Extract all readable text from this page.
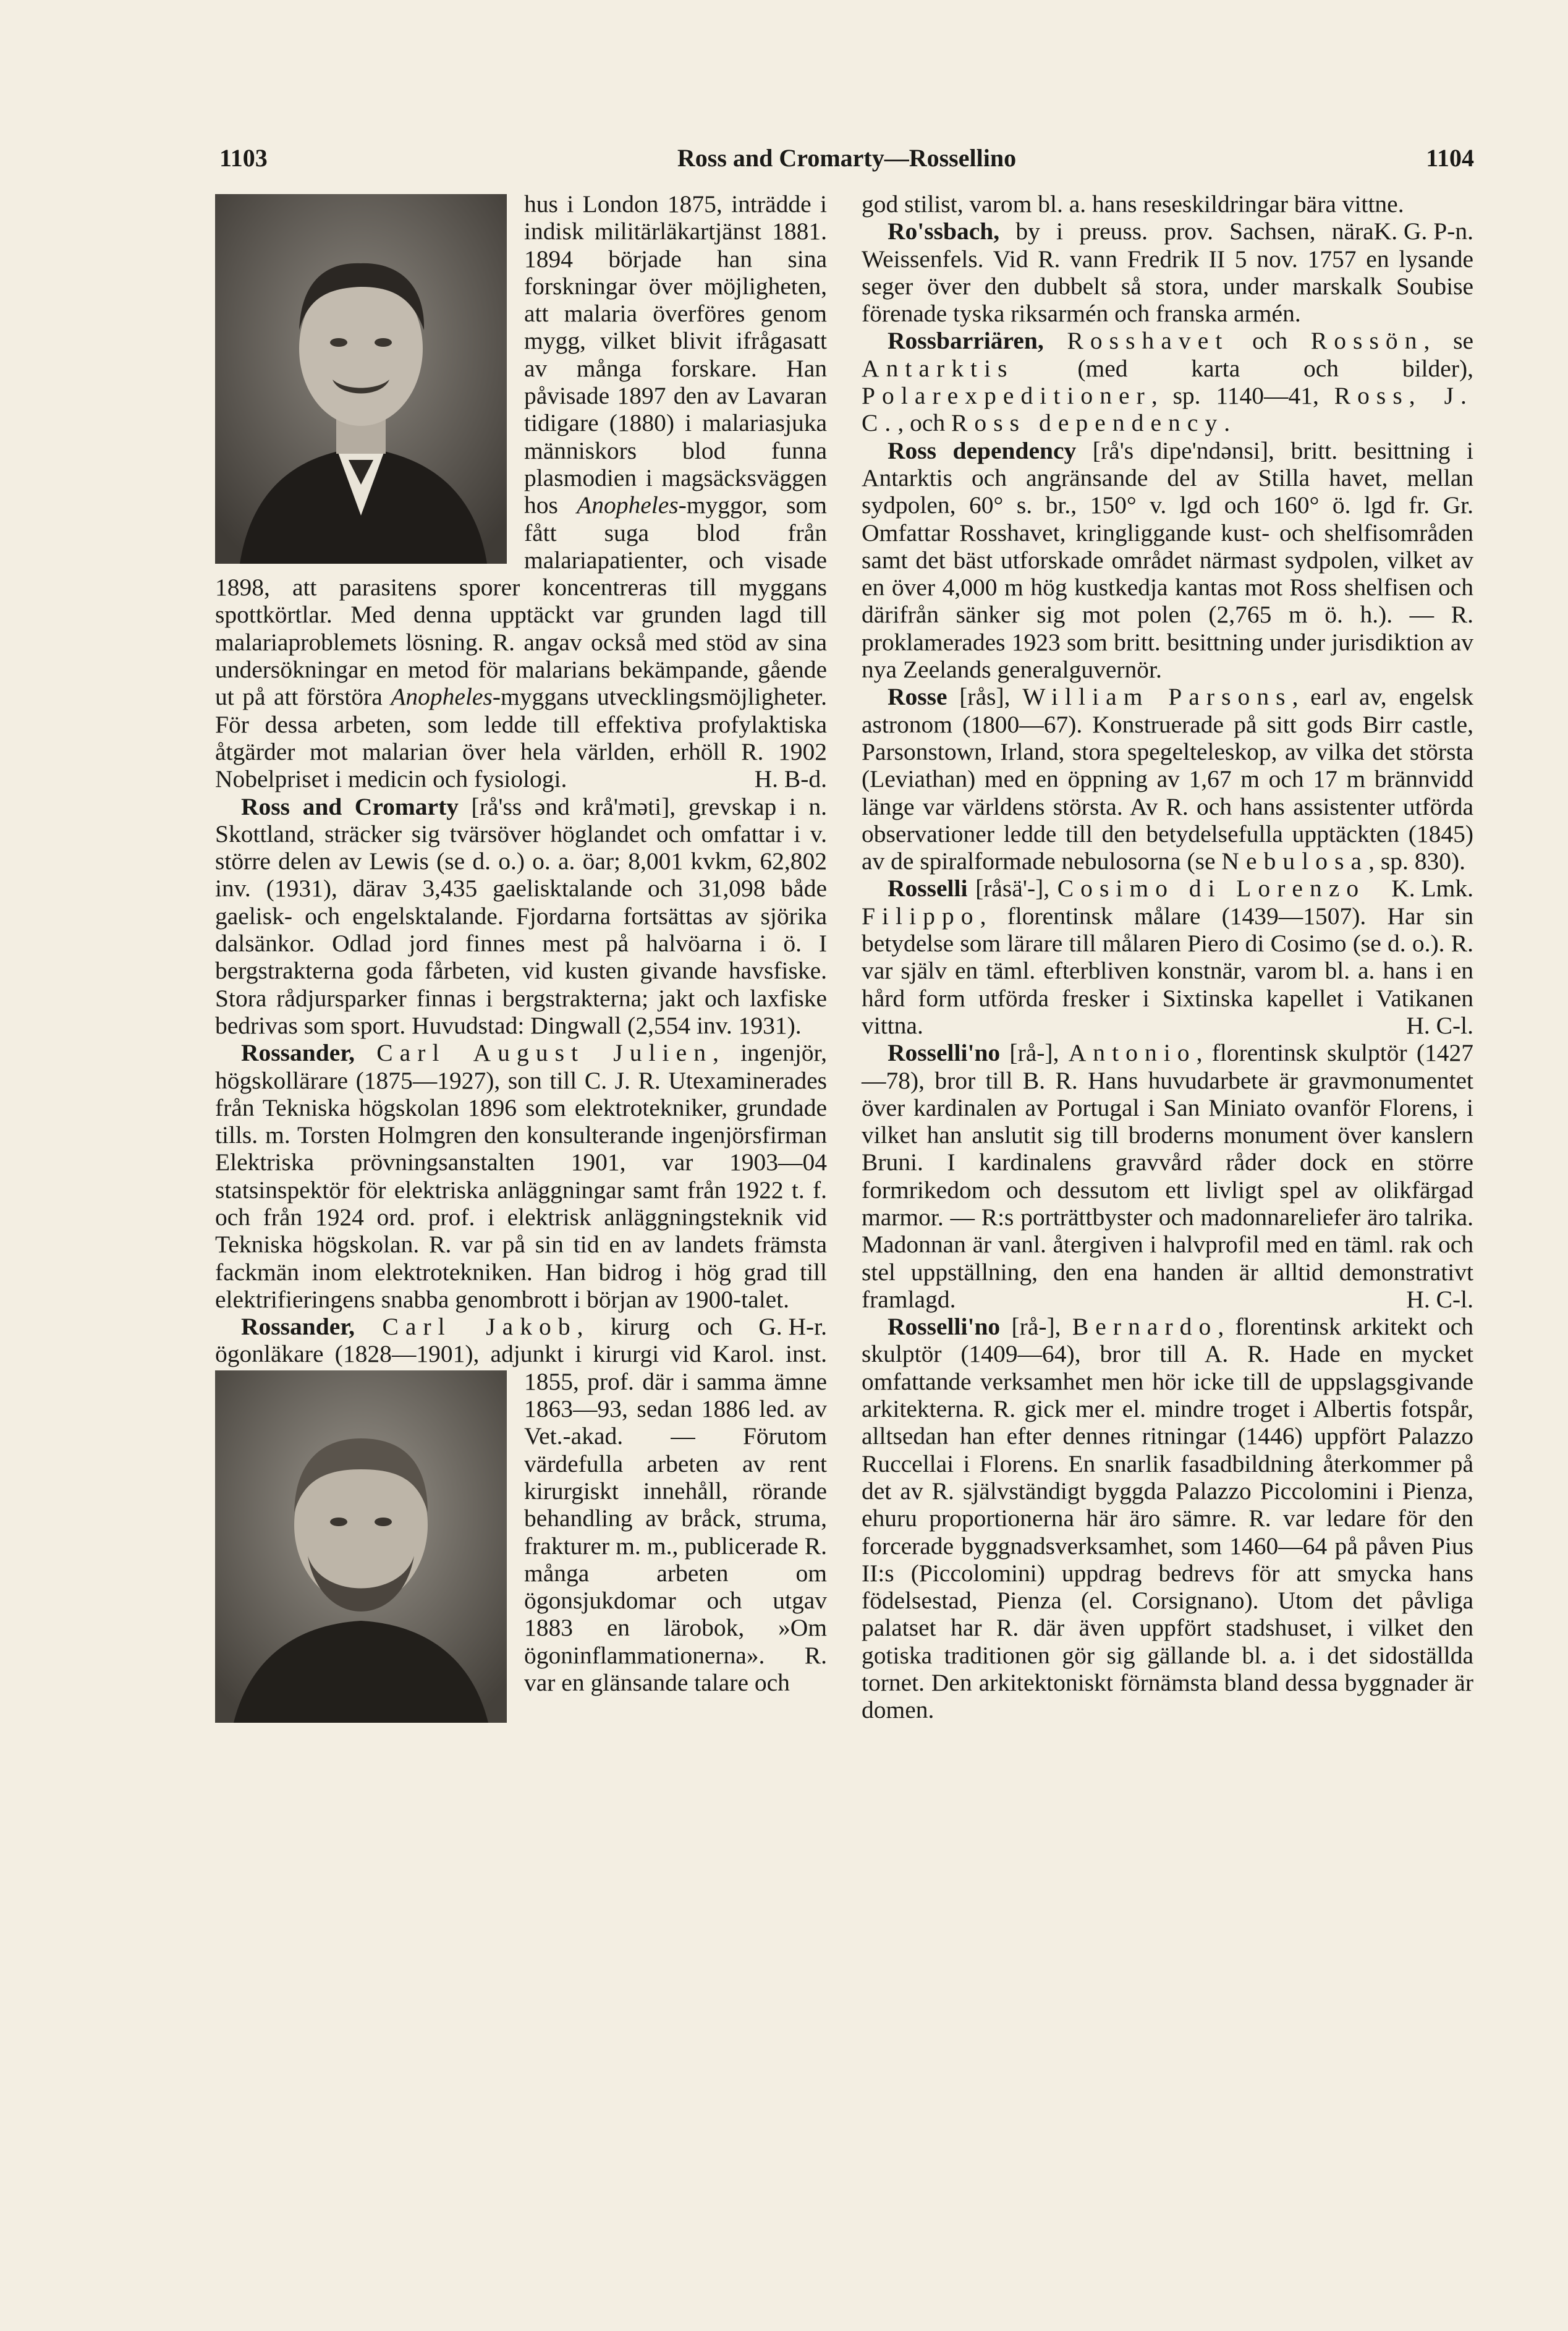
1103	Ross and Cromarty—Rossellino	1104

hus i London 1875, inträdde i indisk militärläkartjänst 1881. 1894 började han sina forskningar över möjligheten, att malaria överföres genom mygg, vilket blivit ifrågasatt av många forskare. Han påvisade 1897 den av Lavaran tidigare (1880) i malariasjuka människors blod funna plasmodien i magsäcksväggen hos Anopheles-myggor, som fått suga blod från malariapatienter, och visade 1898, att parasitens sporer koncentreras till myggans spottkörtlar. Med denna upptäckt var grunden lagd till malariaproblemets lösning. R. angav också med stöd av sina undersökningar en metod för malarians bekämpande, gående ut på att förstöra Anopheles-myggans utvecklingsmöjligheter. För dessa arbeten, som ledde till effektiva profylaktiska åtgärder mot malarian över hela världen, erhöll R. 1902 Nobelpriset i medicin och fysiologi.	H. B-d.

Ross and Cromarty [rå'ss ənd krå'məti], grevskap i n. Skottland, sträcker sig tvärsöver höglandet och omfattar i v. större delen av Lewis (se d. o.) o. a. öar; 8,001 kvkm, 62,802 inv. (1931), därav 3,435 gaelisktalande och 31,098 både gaelisk- och engelsktalande. Fjordarna fortsättas av sjörika dalsänkor. Odlad jord finnes mest på halvöarna i ö. I bergstrakterna goda fårbeten, vid kusten givande havsfiske. Stora rådjursparker finnas i bergstrakterna; jakt och laxfiske bedrivas som sport. Huvudstad: Dingwall (2,554 inv. 1931).

Rossander, Carl August Julien, ingenjör, högskollärare (1875—1927), son till C. J. R. Utexaminerades från Tekniska högskolan 1896 som elektrotekniker, grundade tills. m. Torsten Holmgren den konsulterande ingenjörsfirman Elektriska prövningsanstalten 1901, var 1903—04 statsinspektör för elektriska anläggningar samt från 1922 t. f. och från 1924 ord. prof. i elektrisk anläggningsteknik vid Tekniska högskolan. R. var på sin tid en av landets främsta fackmän inom elektrotekniken. Han bidrog i hög grad till elektrifieringens snabba genombrott i början av 1900-talet.
G. H-r.

Rossander, Carl Jakob, kirurg och ögonläkare (1828—1901), adjunkt i kirurgi vid Karol. inst. 1855, prof. där i samma ämne
1863—93, sedan 1886 led. av Vet.-akad. — Förutom värdefulla arbeten av rent kirurgiskt innehåll, rörande behandling av bråck, struma, frakturer m. m., publicerade R. många arbeten om ögonsjukdomar och utgav 1883 en lärobok, »Om ögoninflammationerna». R. var en glänsande talare och

god stilist, varom bl. a. hans reseskildringar bära vittne.
K. G. P-n.

Ro'ssbach, by i preuss. prov. Sachsen, nära Weissenfels. Vid R. vann Fredrik II 5 nov. 1757 en lysande seger över den dubbelt så stora, under marskalk Soubise förenade tyska riksarmén och franska armén.

Rossbarriären, Rosshavet och Rossön, se Antarktis (med karta och bilder), Polarexpeditioner, sp. 1140—41, Ross, J. C., och Ross dependency.

Ross dependency [rå's dipe'ndənsi], britt. besittning i Antarktis och angränsande del av Stilla havet, mellan sydpolen, 60° s. br., 150° v. lgd och 160° ö. lgd fr. Gr. Omfattar Rosshavet, kringliggande kust- och shelfisområden samt det bäst utforskade området närmast sydpolen, vilket av en över 4,000 m hög kustkedja kantas mot Ross shelfisen och därifrån sänker sig mot polen (2,765 m ö. h.). — R. proklamerades 1923 som britt. besittning under jurisdiktion av nya Zeelands generalguvernör.

Rosse [rås], William Parsons, earl av, engelsk astronom (1800—67). Konstruerade på sitt gods Birr castle, Parsonstown, Irland, stora spegelteleskop, av vilka det största (Leviathan) med en öppning av 1,67 m och 17 m brännvidd länge var världens största. Av R. och hans assistenter utförda observationer ledde till den betydelsefulla upptäckten (1845) av de spiralformade nebulosorna (se Nebulosa, sp. 830).
K. Lmk.

Rosselli [råsä'-], Cosimo di Lorenzo Filippo, florentinsk målare (1439—1507). Har sin betydelse som lärare till målaren Piero di Cosimo (se d. o.). R. var själv en täml. efterbliven konstnär, varom bl. a. hans i en hård form utförda fresker i Sixtinska kapellet i Vatikanen vittna.	H. C-l.

Rosselli'no [rå-], Antonio, florentinsk skulptör (1427—78), bror till B. R. Hans huvudarbete är gravmonumentet över kardinalen av Portugal i San Miniato ovanför Florens, i vilket han anslutit sig till broderns monument över kanslern Bruni. I kardinalens gravvård råder dock en större formrikedom och dessutom ett livligt spel av olikfärgad marmor. — R:s porträttbyster och madonnareliefer äro talrika. Madonnan är vanl. återgiven i halvprofil med en täml. rak och stel uppställning, den ena handen är alltid demonstrativt framlagd.	H. C-l.

Rosselli'no [rå-], Bernardo, florentinsk arkitekt och skulptör (1409—64), bror till A. R. Hade en mycket omfattande verksamhet men hör icke till de uppslagsgivande arkitekterna. R. gick mer el. mindre troget i Albertis fotspår, alltsedan han efter dennes ritningar (1446) uppfört Palazzo Ruccellai i Florens. En snarlik fasadbildning återkommer på det av R. självständigt byggda Palazzo Piccolomini i Pienza, ehuru proportionerna här äro sämre. R. var ledare för den forcerade byggnadsverksamhet, som 1460—64 på påven Pius II:s (Piccolomini) uppdrag bedrevs för att smycka hans födelsestad, Pienza (el. Corsignano). Utom det påvliga palatset har R. där även uppfört stadshuset, i vilket den gotiska traditionen gör sig gällande bl. a. i det sidoställda tornet. Den arkitektoniskt förnämsta bland dessa byggnader är domen.
